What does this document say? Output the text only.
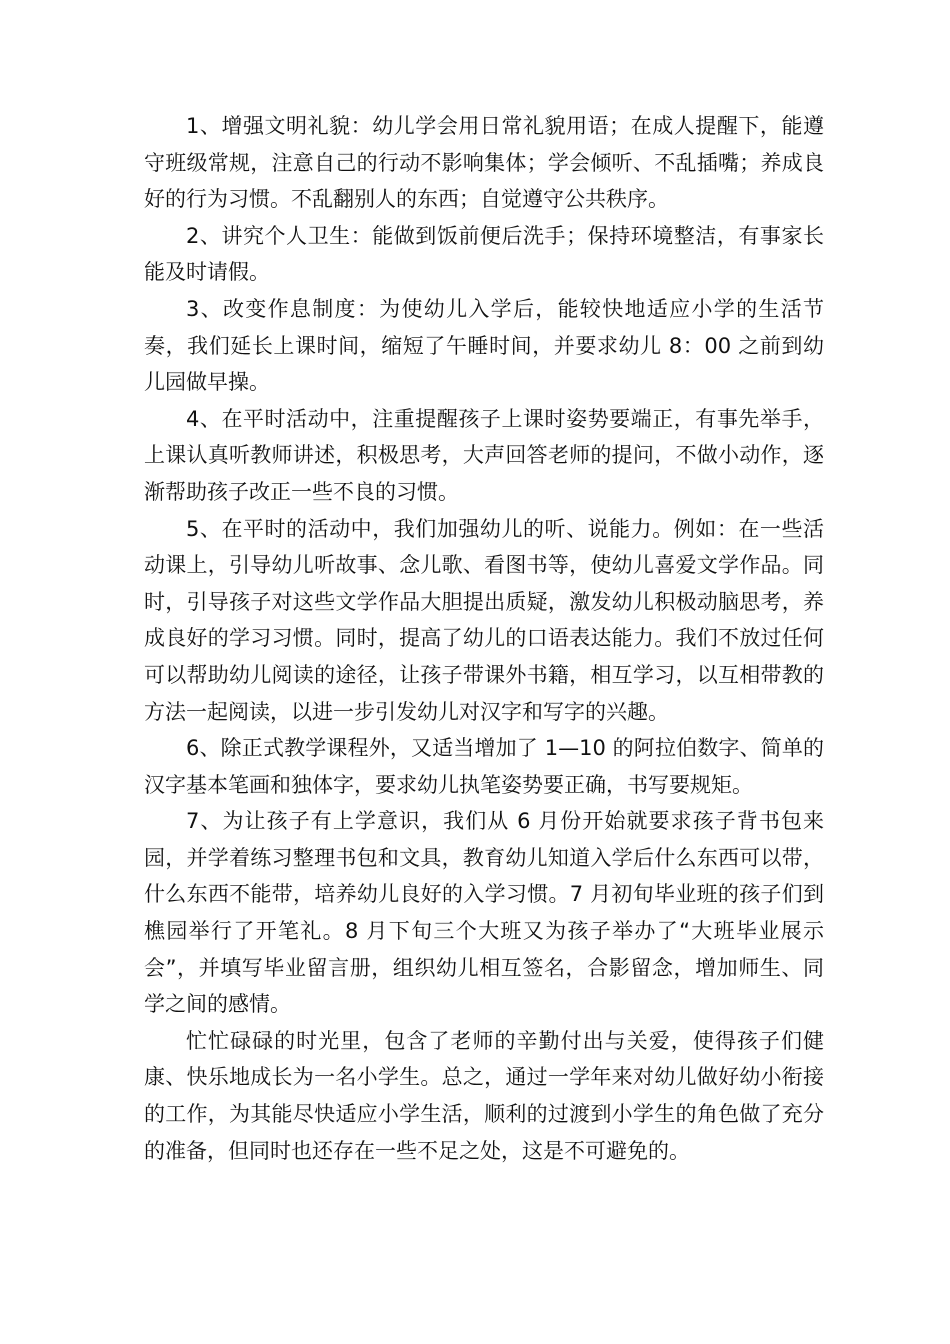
1、增强文明礼貌：幼儿学会用日常礼貌用语；在成人提醒下，能遵守班级常规，注意自己的行动不影响集体；学会倾听、不乱插嘴；养成良好的行为习惯。不乱翻别人的东西；自觉遵守公共秩序。

2、讲究个人卫生：能做到饭前便后洗手；保持环境整洁，有事家长能及时请假。

3、改变作息制度：为使幼儿入学后，能较快地适应小学的生活节奏，我们延长上课时间，缩短了午睡时间，并要求幼儿 8：00 之前到幼儿园做早操。

4、在平时活动中，注重提醒孩子上课时姿势要端正，有事先举手，上课认真听教师讲述，积极思考，大声回答老师的提问，不做小动作，逐渐帮助孩子改正一些不良的习惯。

5、在平时的活动中，我们加强幼儿的听、说能力。例如：在一些活动课上，引导幼儿听故事、念儿歌、看图书等，使幼儿喜爱文学作品。同时，引导孩子对这些文学作品大胆提出质疑，激发幼儿积极动脑思考，养成良好的学习习惯。同时，提高了幼儿的口语表达能力。我们不放过任何可以帮助幼儿阅读的途径，让孩子带课外书籍，相互学习，以互相带教的方法一起阅读，以进一步引发幼儿对汉字和写字的兴趣。

6、除正式教学课程外，又适当增加了 1—10 的阿拉伯数字、简单的汉字基本笔画和独体字，要求幼儿执笔姿势要正确，书写要规矩。

7、为让孩子有上学意识，我们从 6 月份开始就要求孩子背书包来园，并学着练习整理书包和文具，教育幼儿知道入学后什么东西可以带，什么东西不能带，培养幼儿良好的入学习惯。7 月初旬毕业班的孩子们到樵园举行了开笔礼。8 月下旬三个大班又为孩子举办了“大班毕业展示会”，并填写毕业留言册，组织幼儿相互签名，合影留念，增加师生、同学之间的感情。

忙忙碌碌的时光里，包含了老师的辛勤付出与关爱，使得孩子们健康、快乐地成长为一名小学生。总之，通过一学年来对幼儿做好幼小衔接的工作，为其能尽快适应小学生活，顺利的过渡到小学生的角色做了充分的准备，但同时也还存在一些不足之处，这是不可避免的。
